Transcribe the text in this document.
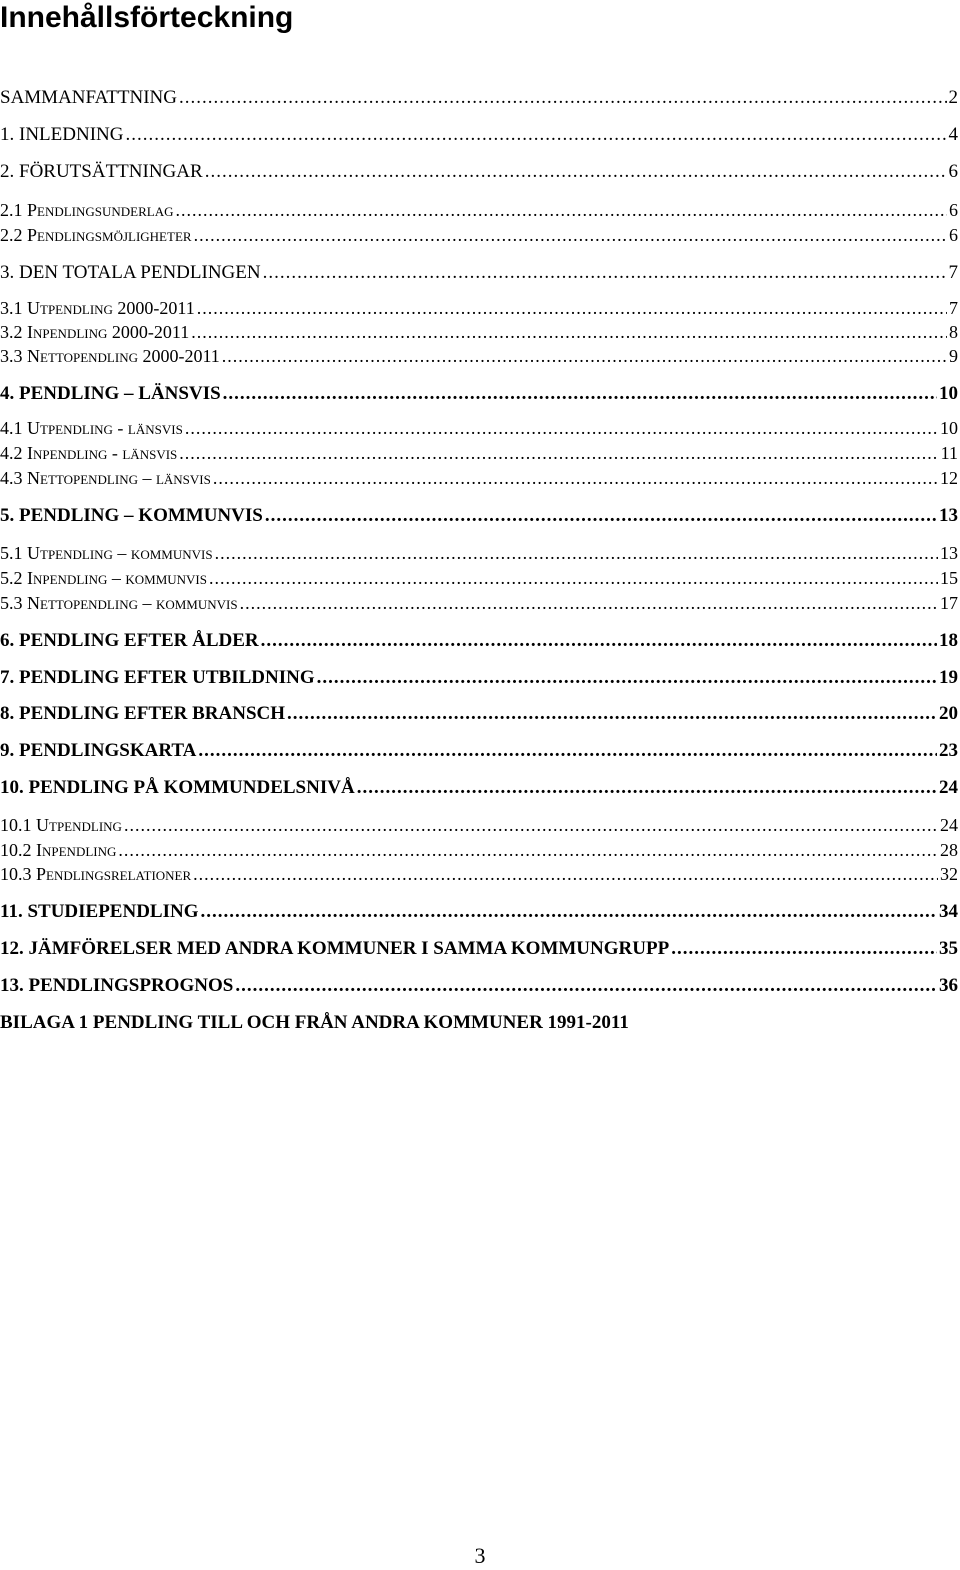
Innehållsförteckning
SAMMANFATTNING .....	2
1. INLEDNING .....	4
2. FÖRUTSÄTTNINGAR .....	6
2.1 Pendlingsunderlag .....	6
2.2 Pendlingsmöjligheter .....	6
3. DEN TOTALA PENDLINGEN .....	7
3.1 Utpendling 2000-2011 .....	7
3.2 Inpendling 2000-2011 .....	8
3.3 Nettopendling 2000-2011 .....	9
4. PENDLING – LÄNSVIS .....	10
4.1 Utpendling - länsvis .....	10
4.2 Inpendling - länsvis .....	11
4.3 Nettopendling – länsvis .....	12
5. PENDLING – KOMMUNVIS .....	13
5.1 Utpendling – kommunvis .....	13
5.2 Inpendling – kommunvis .....	15
5.3 Nettopendling – kommunvis .....	17
6. PENDLING EFTER ÅLDER .....	18
7. PENDLING EFTER UTBILDNING .....	19
8. PENDLING EFTER BRANSCH .....	20
9. PENDLINGSKARTA .....	23
10. PENDLING PÅ KOMMUNDELSNIVÅ .....	24
10.1 Utpendling .....	24
10.2 Inpendling .....	28
10.3 Pendlingsrelationer .....	32
11. STUDIEPENDLING .....	34
12. JÄMFÖRELSER MED ANDRA KOMMUNER I SAMMA KOMMUNGRUPP .....	35
13. PENDLINGSPROGNOS .....	36
BILAGA 1 PENDLING TILL OCH FRÅN ANDRA KOMMUNER 1991-2011
3
